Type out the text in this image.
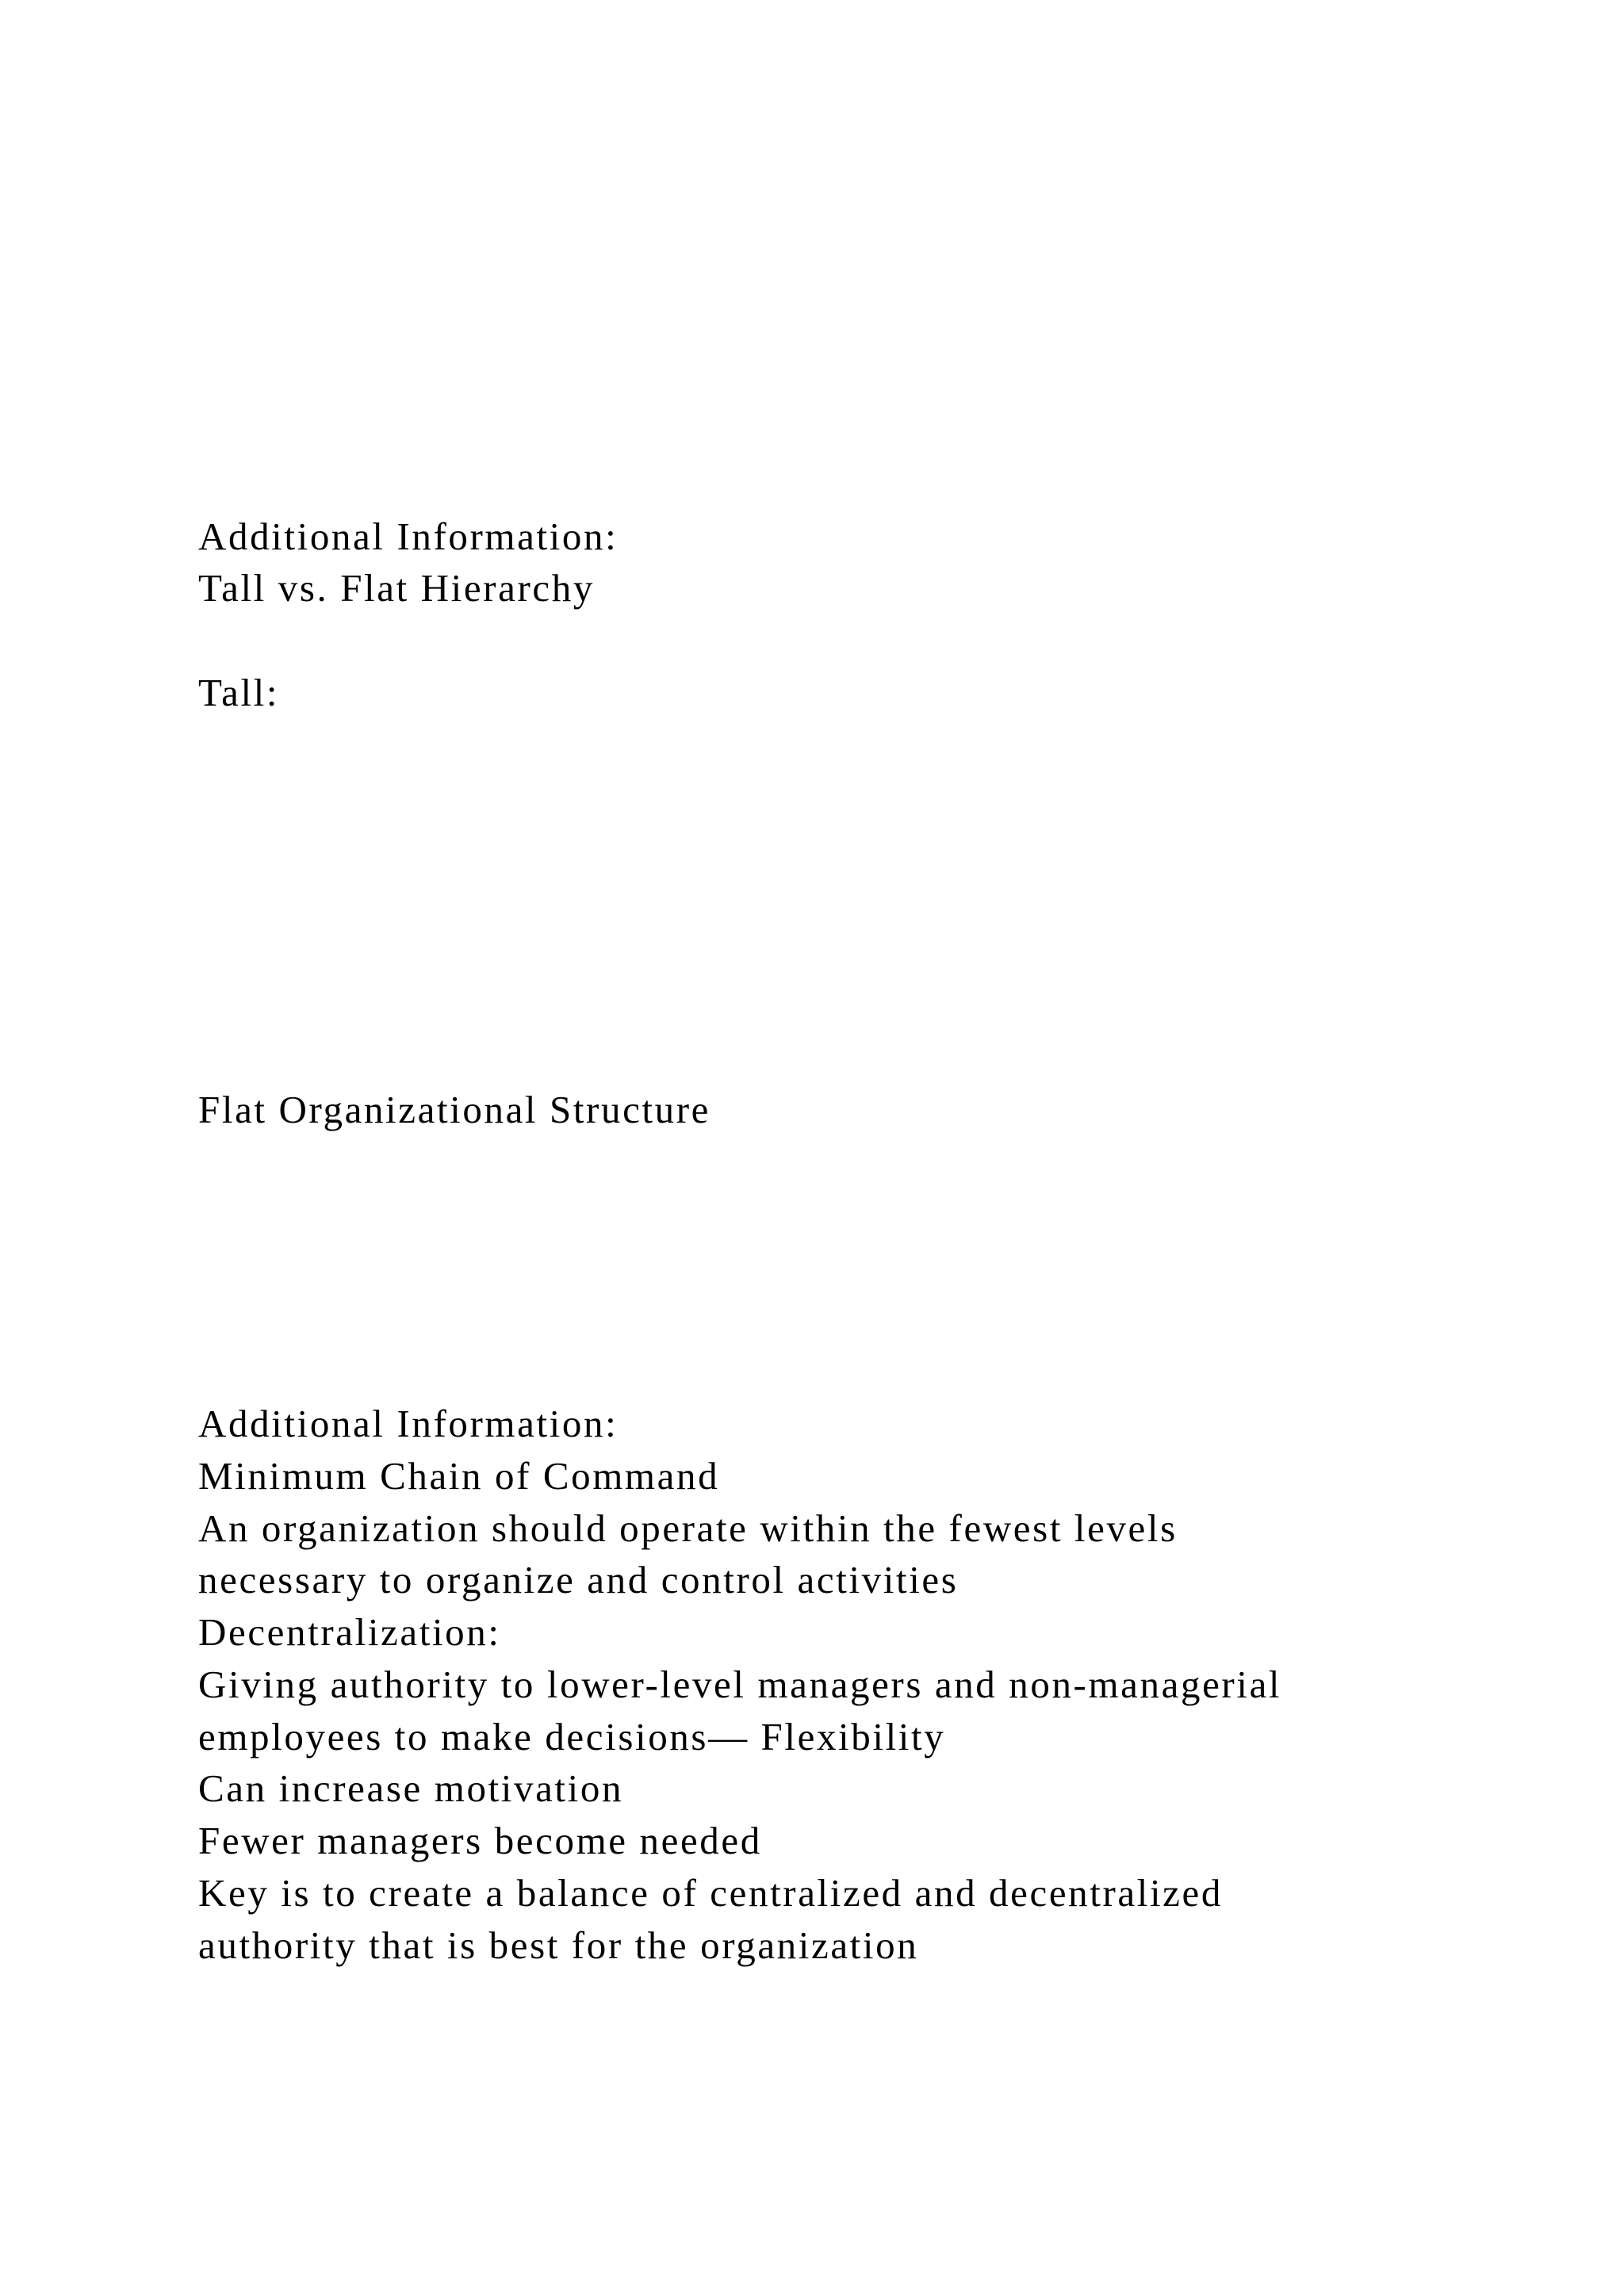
Additional Information:
Tall vs. Flat Hierarchy
Tall:
Flat Organizational Structure
Additional Information:
Minimum Chain of Command
An organization should operate within the fewest levels
necessary to organize and control activities
Decentralization:
Giving authority to lower-level managers and non-managerial
employees to make decisions— Flexibility
Can increase motivation
Fewer managers become needed
Key is to create a balance of centralized and decentralized
authority that is best for the organization
